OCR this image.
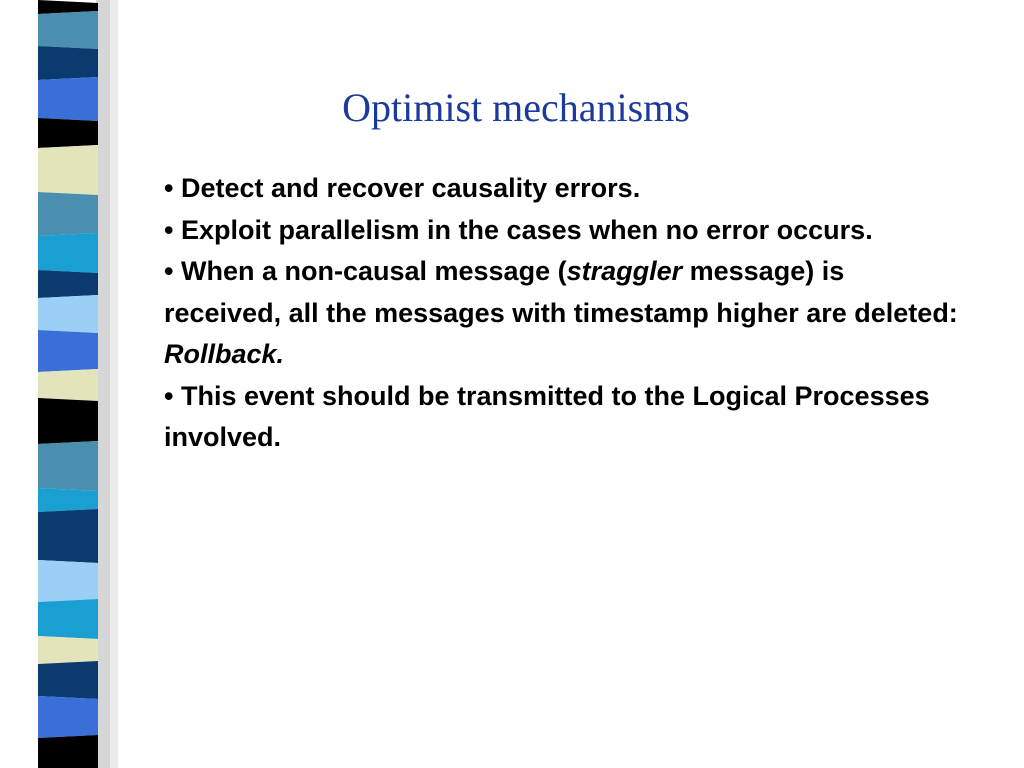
Optimist mechanisms

• Detect and recover causality errors.

• Exploit parallelism in the cases when no error occurs.

• When a non-causal message (straggler message) is received, all the messages with timestamp higher are deleted: Rollback.

• This event should be transmitted to the Logical Processes involved.
